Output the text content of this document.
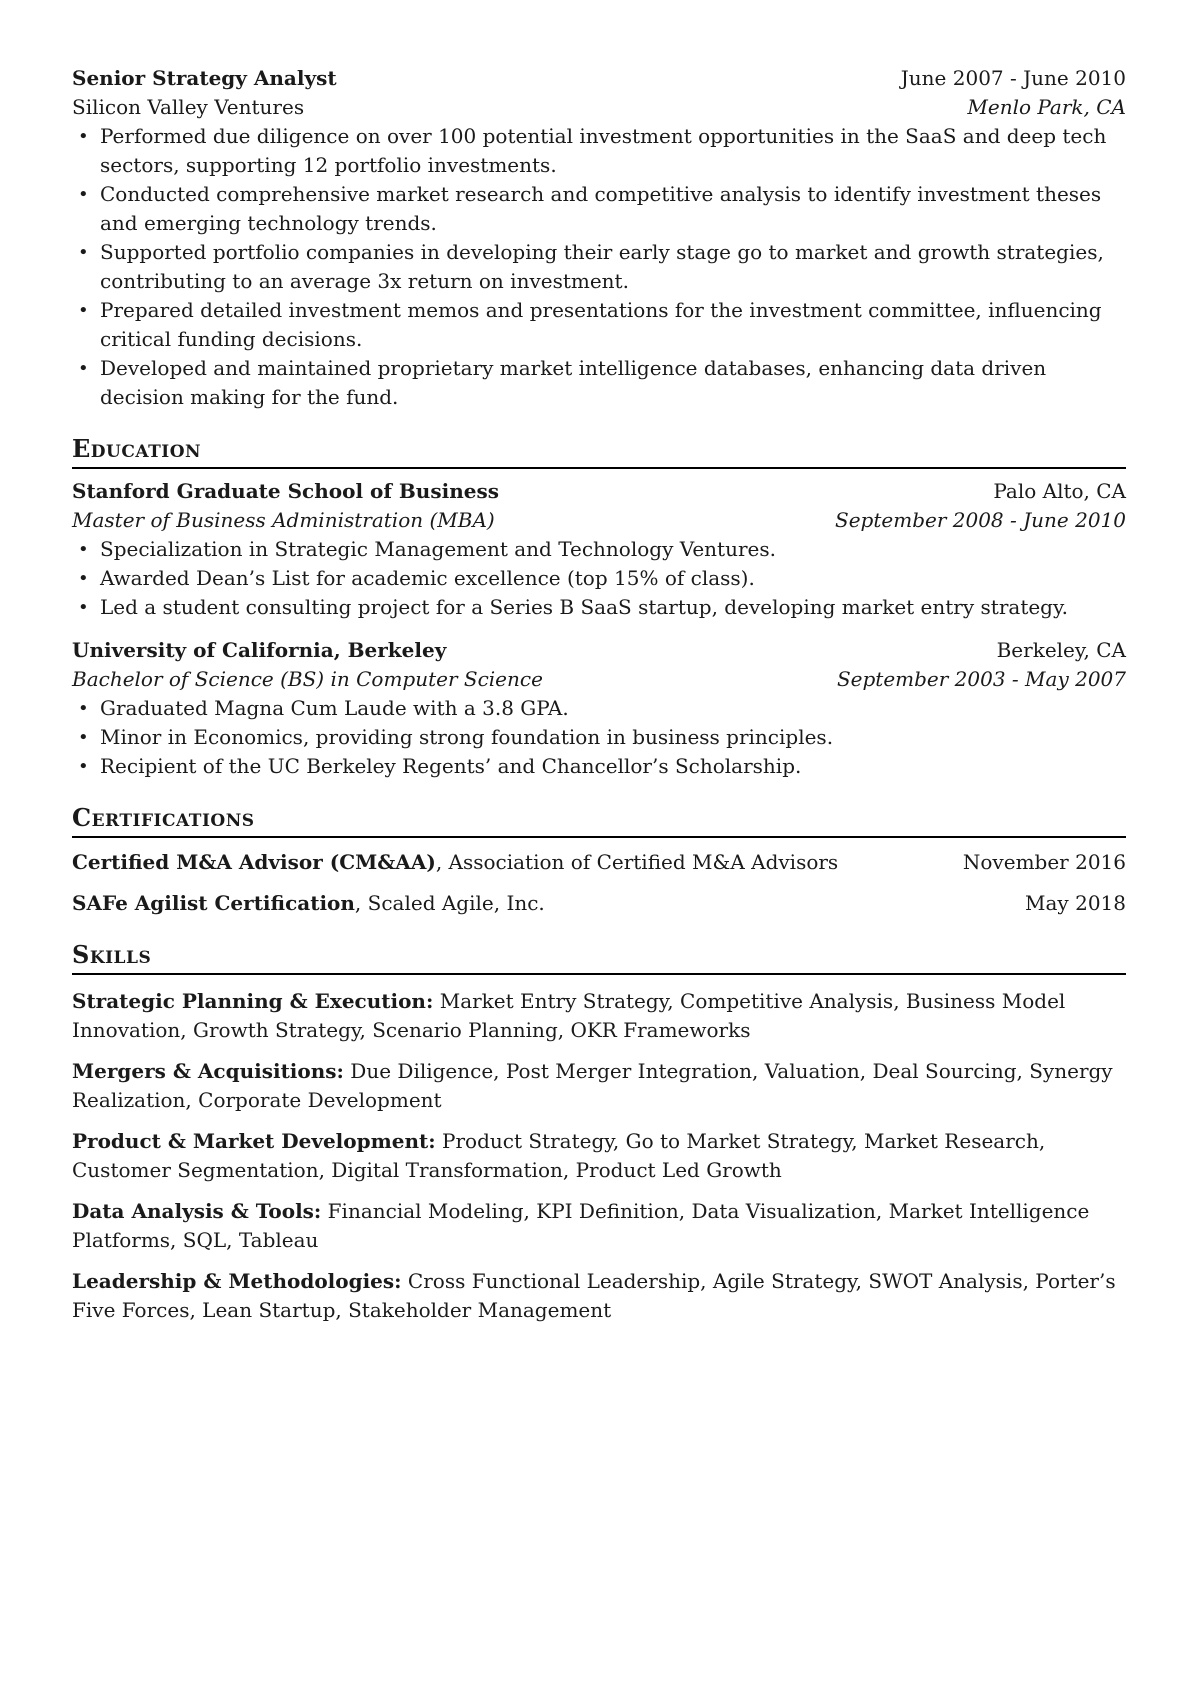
Senior Strategy Analyst	June 2007 - June 2010
Silicon Valley Ventures	Menlo Park, CA
• Performed due diligence on over 100 potential investment opportunities in the SaaS and deep tech sectors, supporting 12 portfolio investments.
• Conducted comprehensive market research and competitive analysis to identify investment theses and emerging technology trends.
• Supported portfolio companies in developing their early stage go to market and growth strategies, contributing to an average 3x return on investment.
• Prepared detailed investment memos and presentations for the investment committee, influencing critical funding decisions.
• Developed and maintained proprietary market intelligence databases, enhancing data driven decision making for the fund.
Education
Stanford Graduate School of Business	Palo Alto, CA
Master of Business Administration (MBA)	September 2008 - June 2010
• Specialization in Strategic Management and Technology Ventures.
• Awarded Dean’s List for academic excellence (top 15% of class).
• Led a student consulting project for a Series B SaaS startup, developing market entry strategy.
University of California, Berkeley	Berkeley, CA
Bachelor of Science (BS) in Computer Science	September 2003 - May 2007
• Graduated Magna Cum Laude with a 3.8 GPA.
• Minor in Economics, providing strong foundation in business principles.
• Recipient of the UC Berkeley Regents’ and Chancellor’s Scholarship.
Certifications
Certified M&A Advisor (CM&AA), Association of Certified M&A Advisors	November 2016
SAFe Agilist Certification, Scaled Agile, Inc.	May 2018
Skills
Strategic Planning & Execution: Market Entry Strategy, Competitive Analysis, Business Model Innovation, Growth Strategy, Scenario Planning, OKR Frameworks
Mergers & Acquisitions: Due Diligence, Post Merger Integration, Valuation, Deal Sourcing, Synergy Realization, Corporate Development
Product & Market Development: Product Strategy, Go to Market Strategy, Market Research, Customer Segmentation, Digital Transformation, Product Led Growth
Data Analysis & Tools: Financial Modeling, KPI Definition, Data Visualization, Market Intelligence Platforms, SQL, Tableau
Leadership & Methodologies: Cross Functional Leadership, Agile Strategy, SWOT Analysis, Porter’s Five Forces, Lean Startup, Stakeholder Management
